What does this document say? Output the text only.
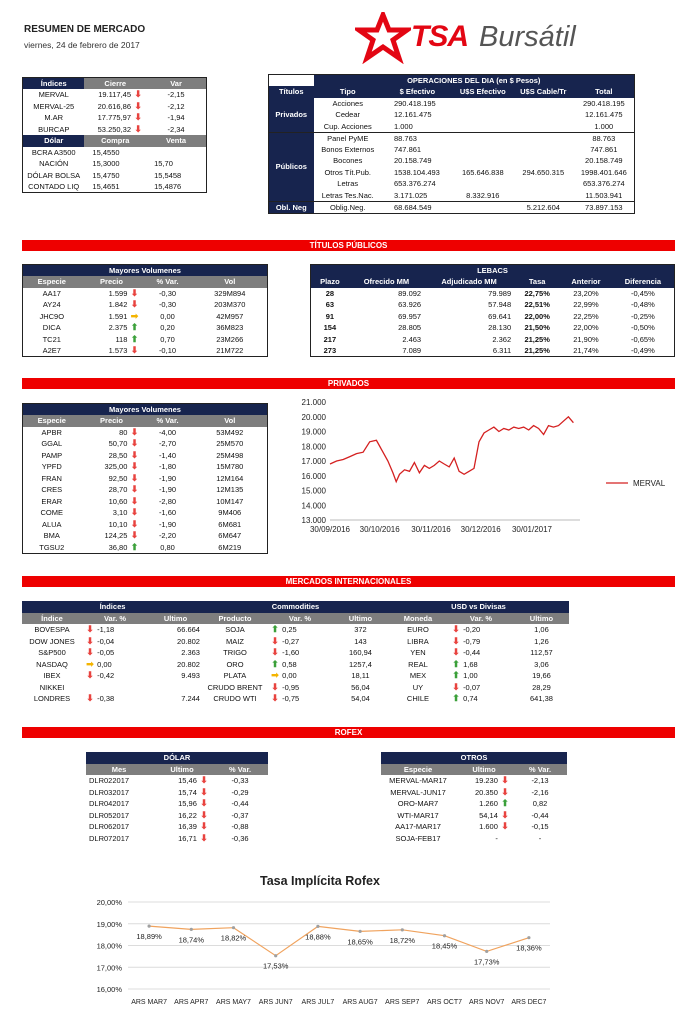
RESUMEN DE MERCADO
viernes, 24 de febrero de 2017	TSA Bursátil
Índices	Cierre	Var
MERVAL	19.117,45 ⬇	-2,15
MERVAL-25	20.616,86 ⬇	-2,12
M.AR	17.775,97 ⬇	-1,94
BURCAP	53.250,32 ⬇	-2,34
Dólar	Compra	Venta
BCRA A3500	15,4550	
NACIÓN	15,3000	15,70
DÓLAR BOLSA	15,4750	15,5458
CONTADO LIQ	15,4651	15,4876
	OPERACIONES DEL DIA (en $ Pesos)				
Títulos	Tipo	$ Efectivo	U$S Efectivo	U$S Cable/Tr	Total
Privados	Acciones	290.418.195			290.418.195
	Cedear	12.161.475			12.161.475
	Cup. Acciones	1.000			1.000
Públicos	Panel PyME	88.763			88.763
	Bonos Externos	747.861			747.861
	Bocones	20.158.749			20.158.749
	Otros Tít.Pub.	1538.104.493	165.646.838	294.650.315	1998.401.646
	Letras	653.376.274			653.376.274
	Letras Tes.Nac.	3.171.025	8.332.916		11.503.941
Obl. Neg	Oblig.Neg.	68.684.549		5.212.604	73.897.153
TÍTULOS PÚBLICOS
Mayores Volumenes			
Especie	Precio	% Var.	Vol
AA17	1.599 ⬇	-0,30	329M894
AY24	1.842 ⬇	-0,30	203M370
JHC9O	1.591 ➡	0,00	42M957
DICA	2.375 ⬆	0,20	36M823
TC21	118 ⬆	0,70	23M266
A2E7	1.573 ⬇	-0,10	21M722
LEBACS					
Plazo	Ofrecido MM	Adjudicado MM	Tasa	Anterior	Diferencia
28	89.092	79.989	22,75%	23,20%	-0,45%
63	63.926	57.948	22,51%	22,99%	-0,48%
91	69.957	69.641	22,00%	22,25%	-0,25%
154	28.805	28.130	21,50%	22,00%	-0,50%
217	2.463	2.362	21,25%	21,90%	-0,65%
273	7.089	6.311	21,25%	21,74%	-0,49%
PRIVADOS
Mayores Volumenes			
Especie	Precio	% Var.	Vol
APBR	80 ⬇	-4,00	53M492
GGAL	50,70 ⬇	-2,70	25M570
PAMP	28,50 ⬇	-1,40	25M498
YPFD	325,00 ⬇	-1,80	15M780
FRAN	92,50 ⬇	-1,90	12M164
CRES	28,70 ⬇	-1,90	12M135
ERAR	10,60 ⬇	-2,80	10M147
COME	3,10 ⬇	-1,60	9M406
ALUA	10,10 ⬇	-1,90	6M681
BMA	124,25 ⬇	-2,20	6M647
TGSU2	36,80 ⬆	0,80	6M219
13.000
14.000
15.000
16.000
17.000
18.000
19.000
20.000
21.000
30/09/2016 30/10/2016 30/11/2016 30/12/2016 30/01/2017
MERVAL
MERCADOS INTERNACIONALES
Índices			Commodities			USD vs Divisas		
Índice	Var. %	Ultimo	Producto	Var. %	Ultimo	Moneda	Var. %	Ultimo
BOVESPA	⬇ -1,18	66.664	SOJA	⬆ 0,25	372	EURO	⬇ -0,20	1,06
DOW JONES	⬇ -0,04	20.802	MAIZ	⬇ -0,27	143	LIBRA	⬇ -0,79	1,26
S&P500	⬇ -0,05	2.363	TRIGO	⬇ -1,60	160,94	YEN	⬇ -0,44	112,57
NASDAQ	➡ 0,00	20.802	ORO	⬆ 0,58	1257,4	REAL	⬆ 1,68	3,06
IBEX	⬇ -0,42	9.493	PLATA	➡ 0,00	18,11	MEX	⬆ 1,00	19,66
NIKKEI			CRUDO BRENT	⬇ -0,95	56,04	UY	⬇ -0,07	28,29
LONDRES	⬇ -0,38	7.244	CRUDO WTI	⬇ -0,75	54,04	CHILE	⬆ 0,74	641,38
ROFEX
DÓLAR		
Mes	Ultimo	% Var.
DLR022017	15,46 ⬇	-0,33
DLR032017	15,74 ⬇	-0,29
DLR042017	15,96 ⬇	-0,44
DLR052017	16,22 ⬇	-0,37
DLR062017	16,39 ⬇	-0,88
DLR072017	16,71 ⬇	-0,36
OTROS		
Especie	Ultimo	% Var.
MERVAL-MAR17	19.230 ⬇	-2,13
MERVAL-JUN17	20.350 ⬇	-2,16
ORO-MAR7	1.260 ⬆	0,82
WTI-MAR17	54,14 ⬇	-0,44
AA17-MAR17	1.600 ⬇	-0,15
SOJA-FEB17	-	-
Tasa Implícita Rofex
16,00%
17,00%
18,00%
19,00%
20,00%
ARS MAR7 ARS APR7 ARS MAY7 ARS JUN7 ARS JUL7 ARS AUG7 ARS SEP7 ARS OCT7 ARS NOV7 ARS DEC7
18,89% 18,74% 18,82%
17,53%
18,88%
18,65% 18,72%
18,45%
17,73%
18,36%
